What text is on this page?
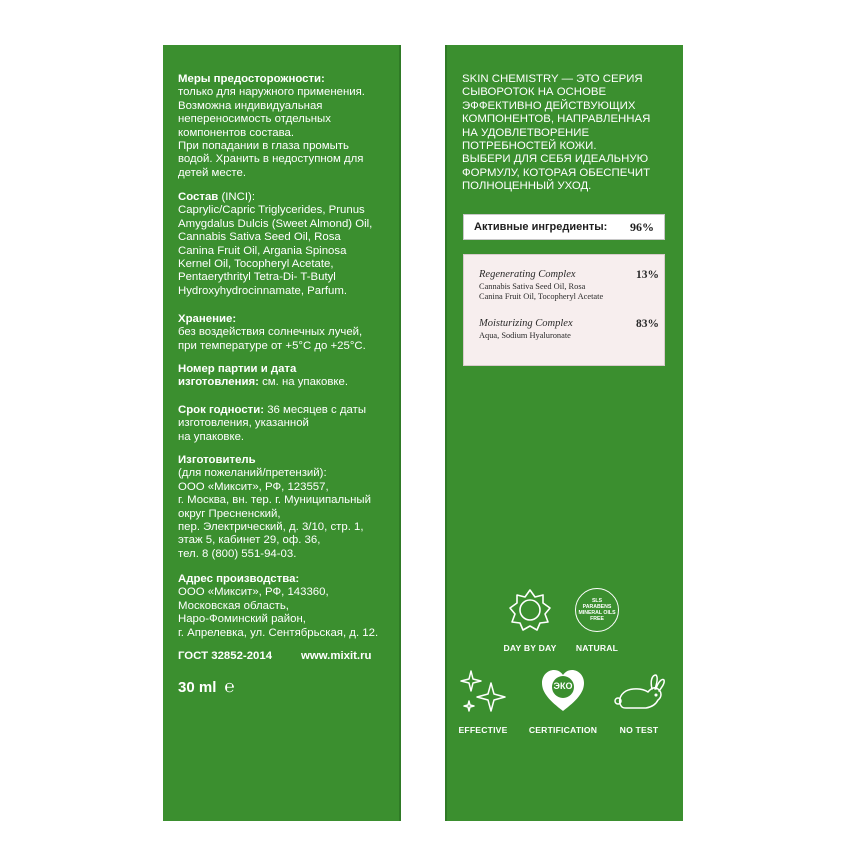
Меры предосторожности:
только для наружного применения.
Возможна индивидуальная
непереносимость отдельных
компонентов состава.
При попадании в глаза промыть
водой. Хранить в недоступном для
детей месте.
Состав (INCI):
Caprylic/Capric Triglycerides, Prunus
Amygdalus Dulcis (Sweet Almond) Oil,
Cannabis Sativa Seed Oil, Rosa
Canina Fruit Oil, Argania Spinosa
Kernel Oil, Tocopheryl Acetate,
Pentaerythrityl Tetra-Di- T-Butyl
Hydroxyhydrocinnamate, Parfum.
Хранение:
без воздействия солнечных лучей,
при температуре от +5°C до +25°C.
Номер партии и дата
изготовления: см. на упаковке.
Срок годности: 36 месяцев с даты
изготовления, указанной
на упаковке.
Изготовитель
(для пожеланий/претензий):
ООО «Миксит», РФ, 123557,
г. Москва, вн. тер. г. Муниципальный
округ Пресненский,
пер. Электрический, д. 3/10, стр. 1,
этаж 5, кабинет 29, оф. 36,
тел. 8 (800) 551-94-03.
Адрес производства:
ООО «Миксит», РФ, 143360,
Московская область,
Наро-Фоминский район,
г. Апрелевка, ул. Сентябрьская, д. 12.
ГОСТ 32852-2014	www.mixit.ru
30 ml ℮
SKIN CHEMISTRY — ЭТО СЕРИЯ
СЫВОРОТОК НА ОСНОВЕ
ЭФФЕКТИВНО ДЕЙСТВУЮЩИХ
КОМПОНЕНТОВ, НАПРАВЛЕННАЯ
НА УДОВЛЕТВОРЕНИЕ
ПОТРЕБНОСТЕЙ КОЖИ.
ВЫБЕРИ ДЛЯ СЕБЯ ИДЕАЛЬНУЮ
ФОРМУЛУ, КОТОРАЯ ОБЕСПЕЧИТ
ПОЛНОЦЕННЫЙ УХОД.
Активные ингредиенты: 96%
Regenerating Complex	13%
Cannabis Sativa Seed Oil, Rosa
Canina Fruit Oil, Tocopheryl Acetate
Moisturizing Complex	83%
Aqua, Sodium Hyaluronate
DAY BY DAY
SLS
PARABENS
MINERAL OILS
FREE
NATURAL
EFFECTIVE
ЭКО
CERTIFICATION	NO TEST
